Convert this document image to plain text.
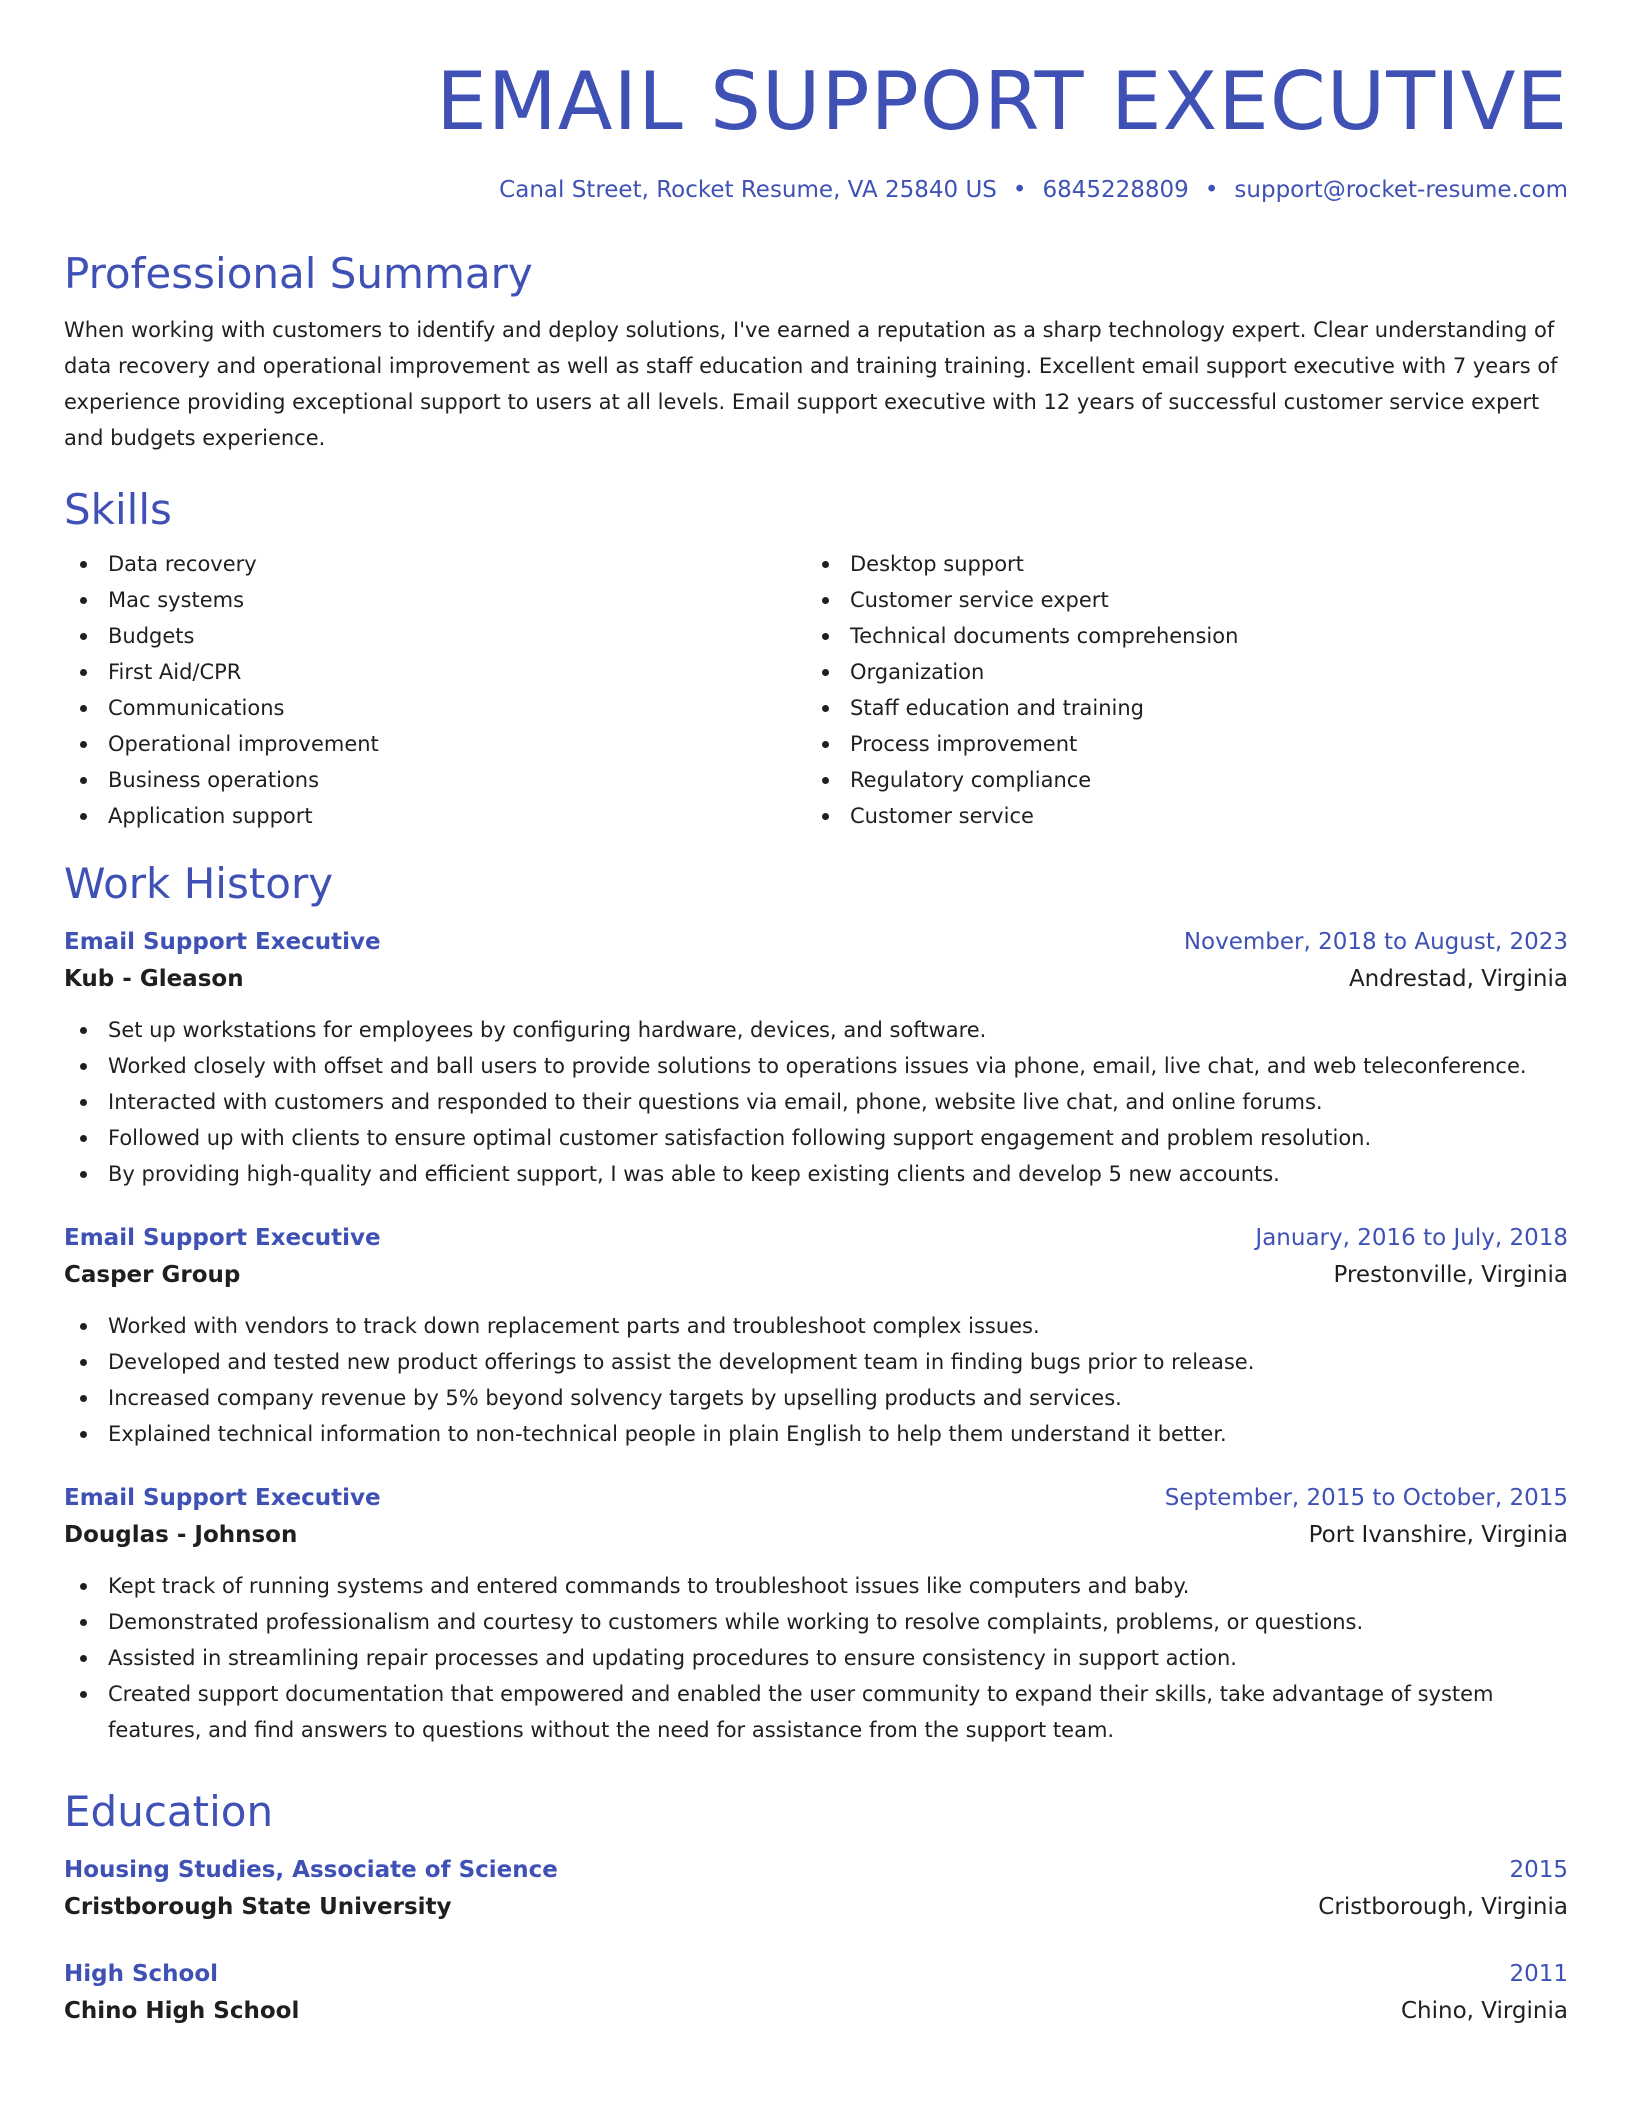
EMAIL SUPPORT EXECUTIVE
Canal Street, Rocket Resume, VA 25840 US • 6845228809 • support@rocket-resume.com
Professional Summary

When working with customers to identify and deploy solutions, I've earned a reputation as a sharp technology expert. Clear understanding of data recovery and operational improvement as well as staff education and training training. Excellent email support executive with 7 years of experience providing exceptional support to users at all levels. Email support executive with 12 years of successful customer service expert and budgets experience.

Skills
Data recovery
Mac systems
Budgets
First Aid/CPR
Communications
Operational improvement
Business operations
Application support
Desktop support
Customer service expert
Technical documents comprehension
Organization
Staff education and training
Process improvement
Regulatory compliance
Customer service
Work History
Email Support Executive	November, 2018 to August, 2023
Kub - Gleason	Andrestad, Virginia
Set up workstations for employees by configuring hardware, devices, and software.
Worked closely with offset and ball users to provide solutions to operations issues via phone, email, live chat, and web teleconference.
Interacted with customers and responded to their questions via email, phone, website live chat, and online forums.
Followed up with clients to ensure optimal customer satisfaction following support engagement and problem resolution.
By providing high-quality and efficient support, I was able to keep existing clients and develop 5 new accounts.
Email Support Executive	January, 2016 to July, 2018
Casper Group	Prestonville, Virginia
Worked with vendors to track down replacement parts and troubleshoot complex issues.
Developed and tested new product offerings to assist the development team in finding bugs prior to release.
Increased company revenue by 5% beyond solvency targets by upselling products and services.
Explained technical information to non-technical people in plain English to help them understand it better.
Email Support Executive	September, 2015 to October, 2015
Douglas - Johnson	Port Ivanshire, Virginia
Kept track of running systems and entered commands to troubleshoot issues like computers and baby.
Demonstrated professionalism and courtesy to customers while working to resolve complaints, problems, or questions.
Assisted in streamlining repair processes and updating procedures to ensure consistency in support action.
Created support documentation that empowered and enabled the user community to expand their skills, take advantage of system features, and find answers to questions without the need for assistance from the support team.
Education
Housing Studies, Associate of Science	2015
Cristborough State University	Cristborough, Virginia
High School	2011
Chino High School	Chino, Virginia
